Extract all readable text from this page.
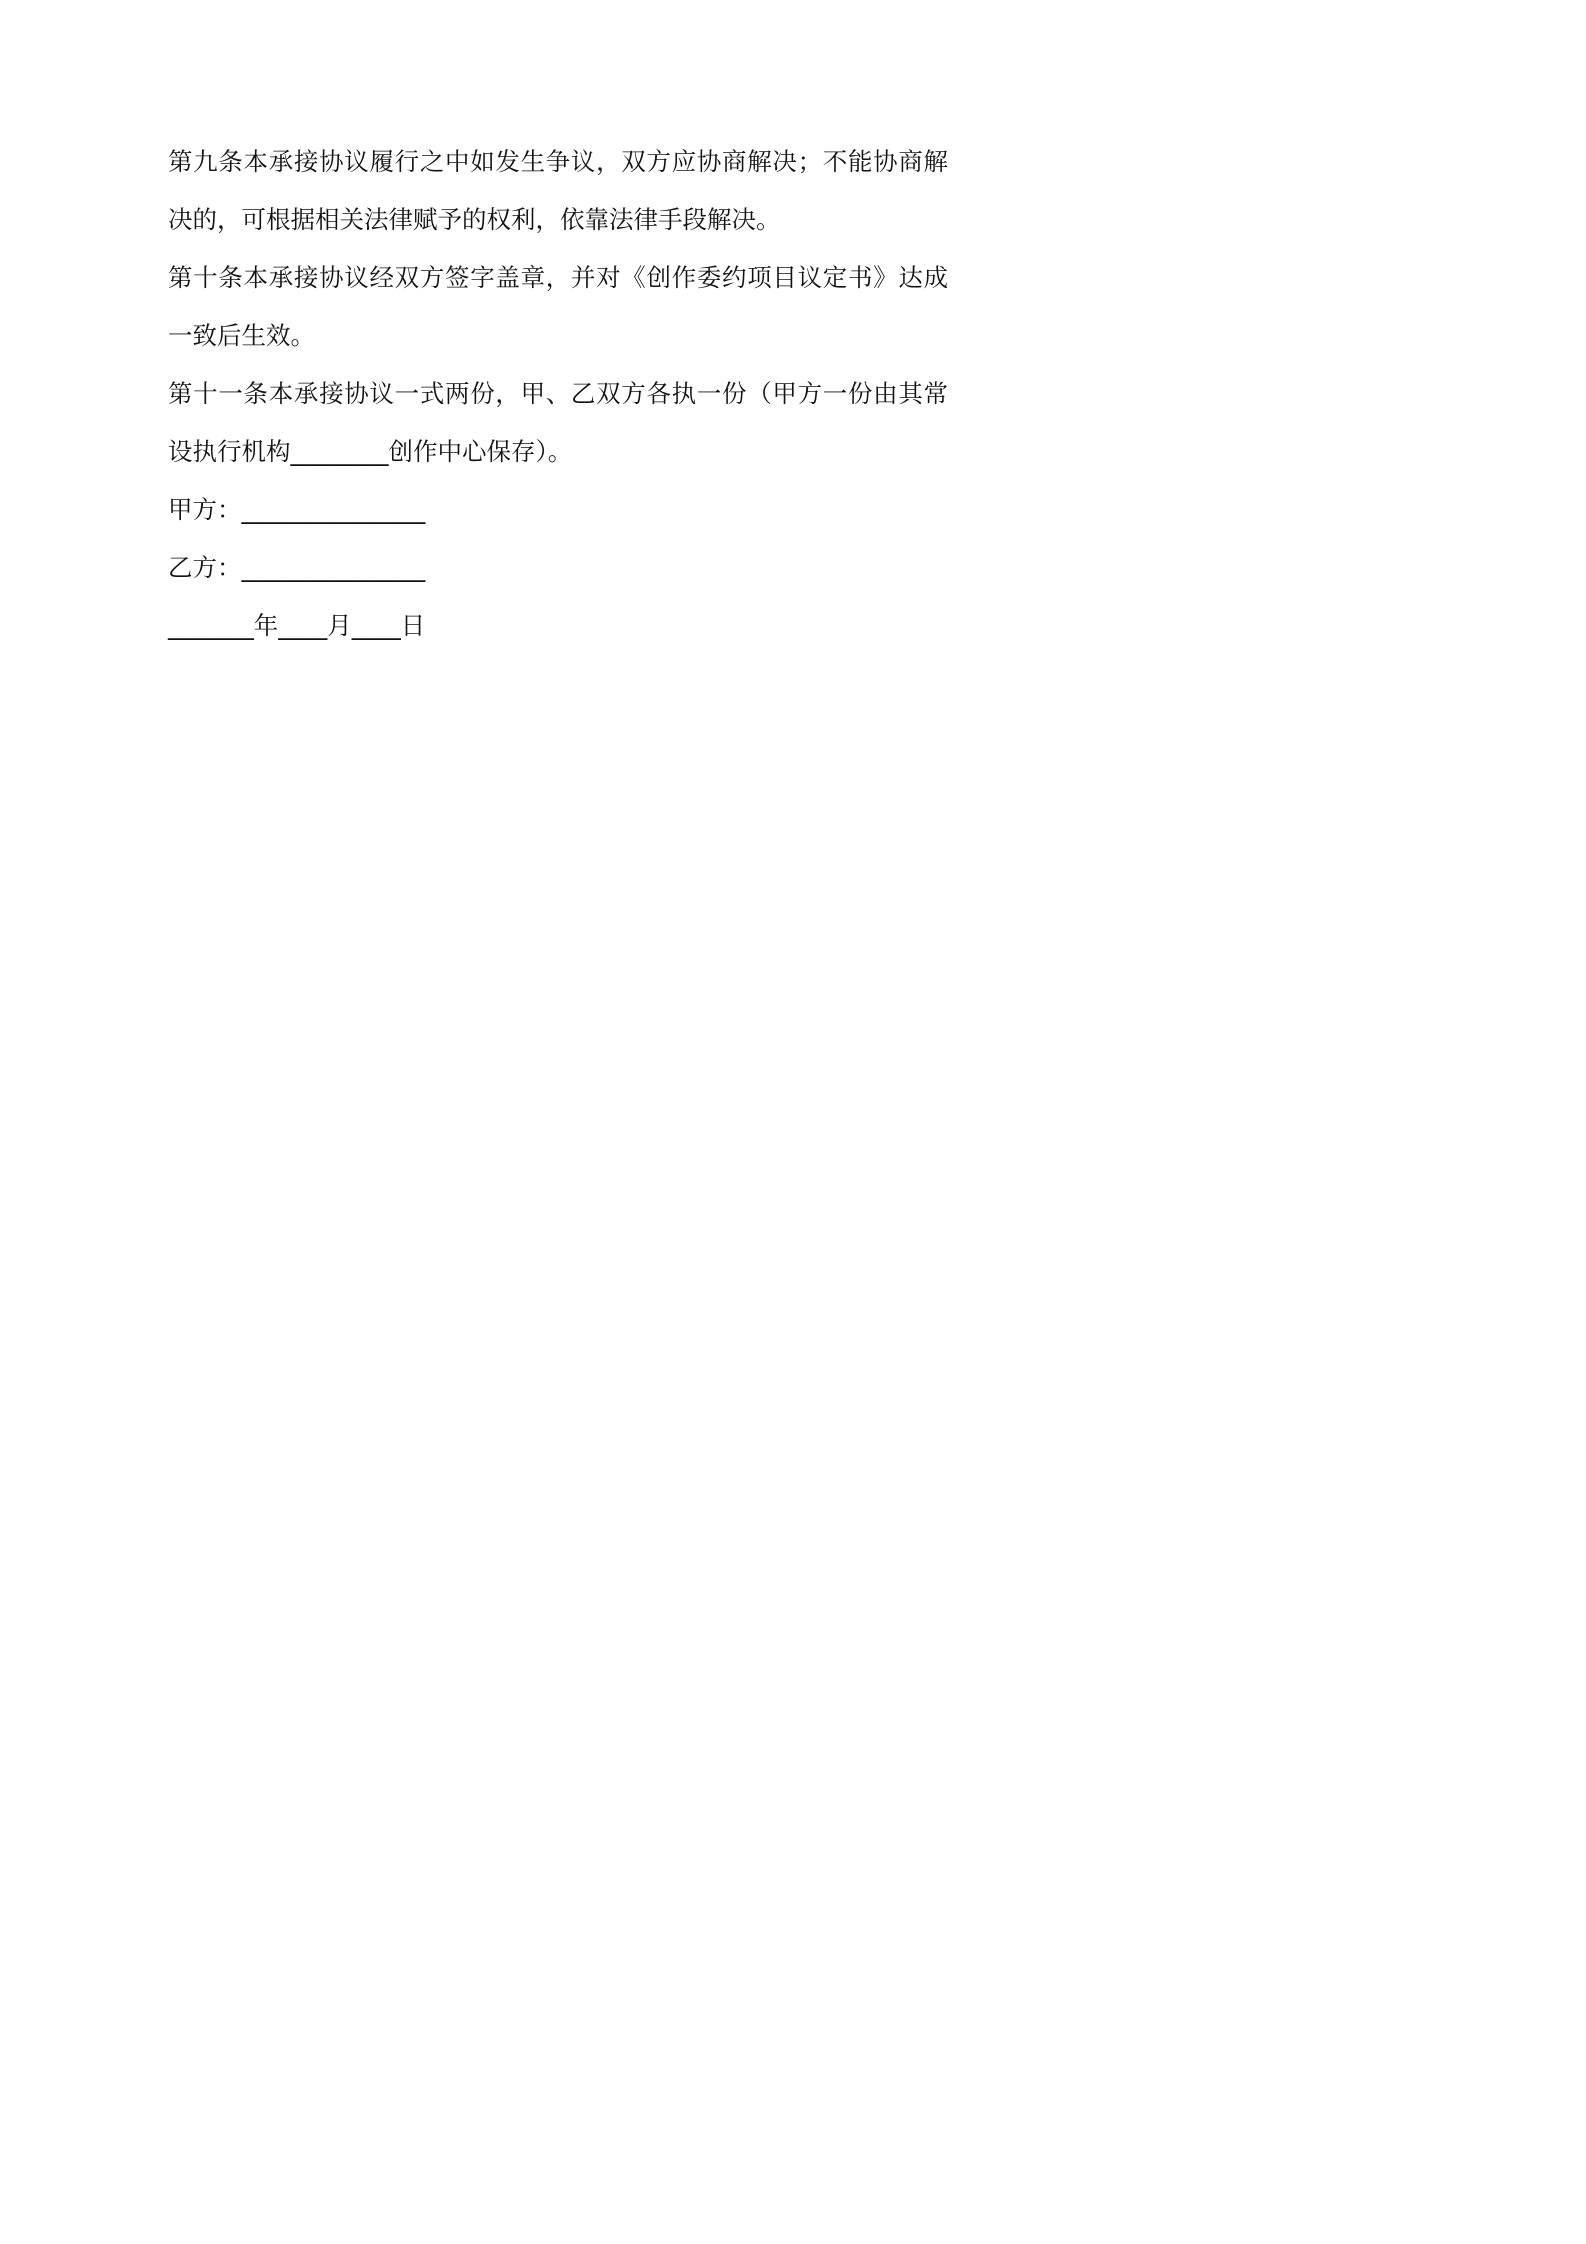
第九条本承接协议履行之中如发生争议，双方应协商解决；不能协商解决的，可根据相关法律赋予的权利，依靠法律手段解决。

第十条本承接协议经双方签字盖章，并对《创作委约项目议定书》达成一致后生效。

第十一条本承接协议一式两份，甲、乙双方各执一份（甲方一份由其常设执行机构________创作中心保存）。

甲方：_______________

乙方：_______________

_______年____月____日
